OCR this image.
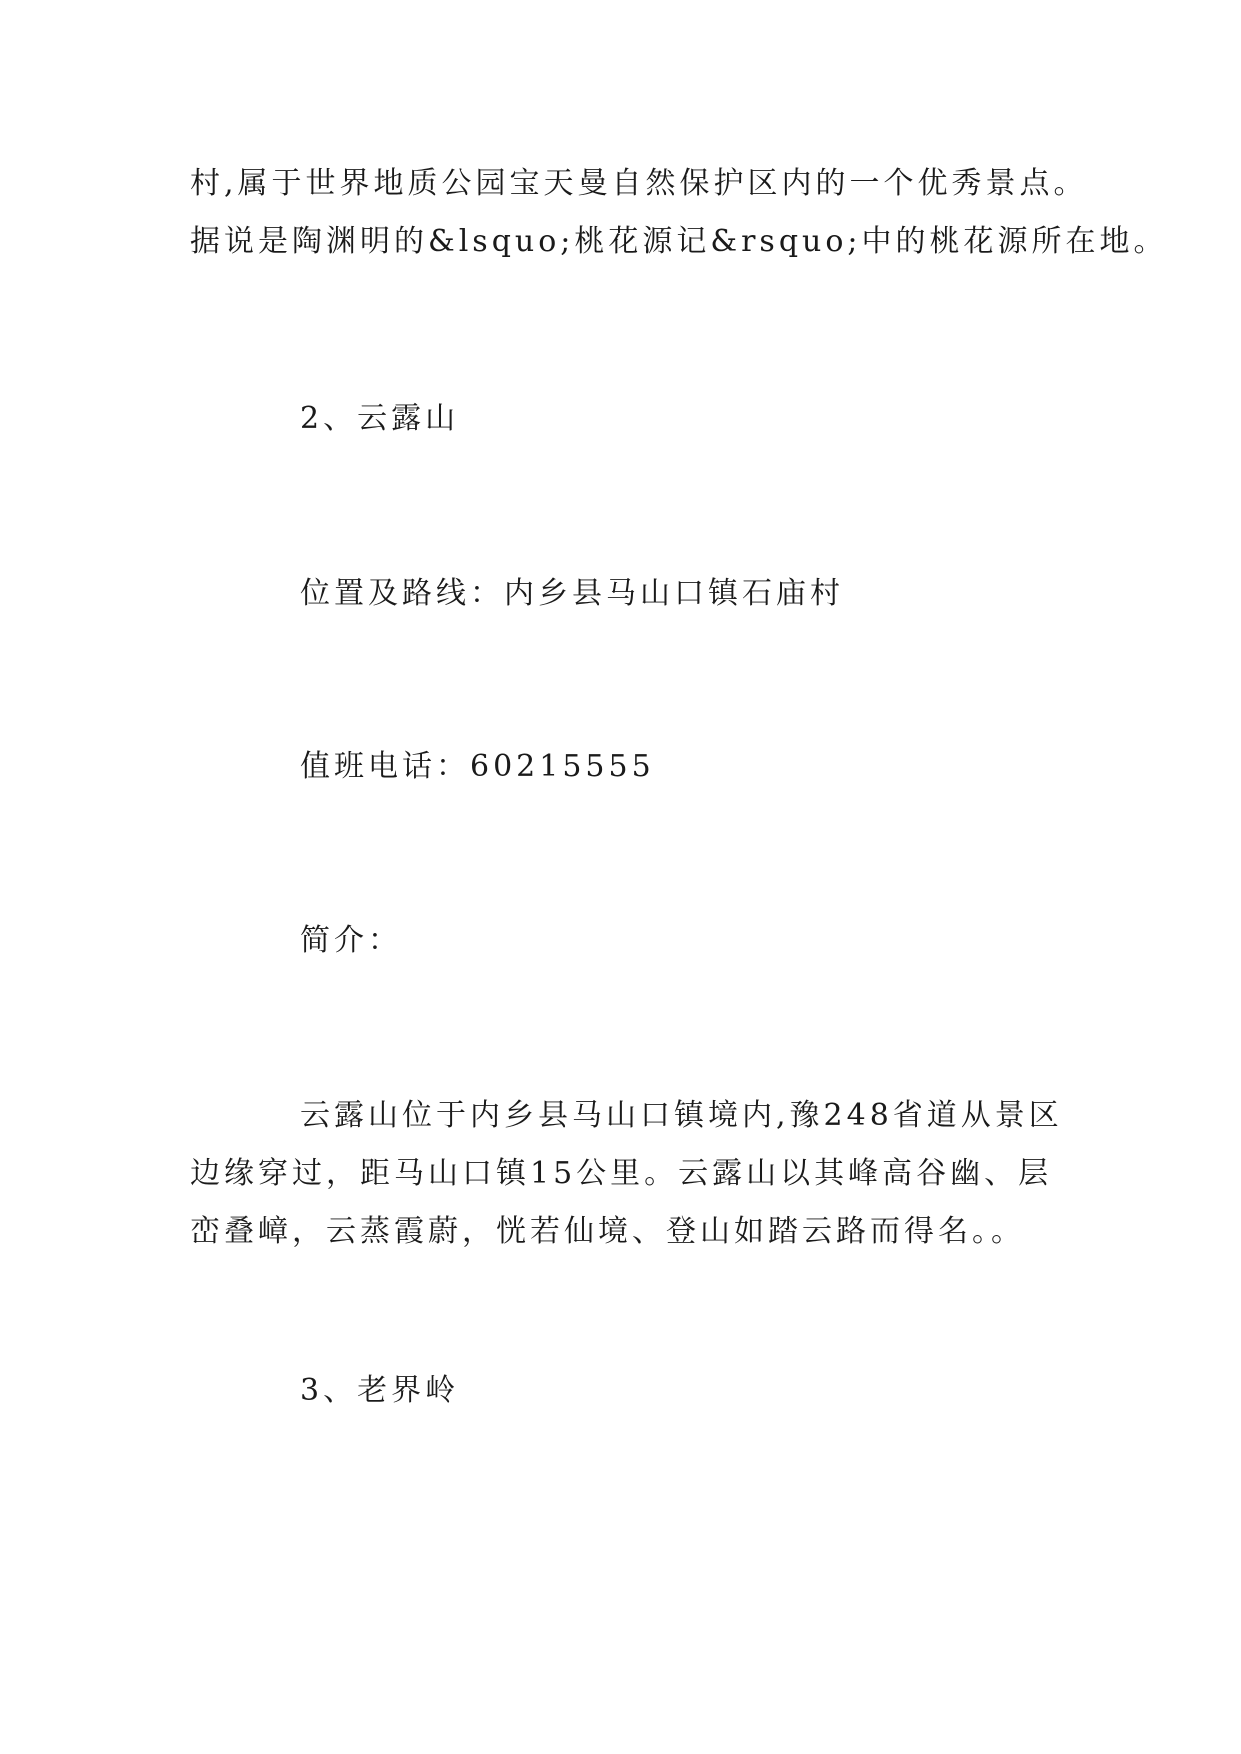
村,属于世界地质公园宝天曼自然保护区内的一个优秀景点。
据说是陶渊明的&lsquo;桃花源记&rsquo;中的桃花源所在地。

2、云露山

位置及路线：内乡县马山口镇石庙村

值班电话：60215555

简介：

云露山位于内乡县马山口镇境内,豫248省道从景区
边缘穿过，距马山口镇15公里。云露山以其峰高谷幽、层
峦叠嶂，云蒸霞蔚，恍若仙境、登山如踏云路而得名。。

3、老界岭
